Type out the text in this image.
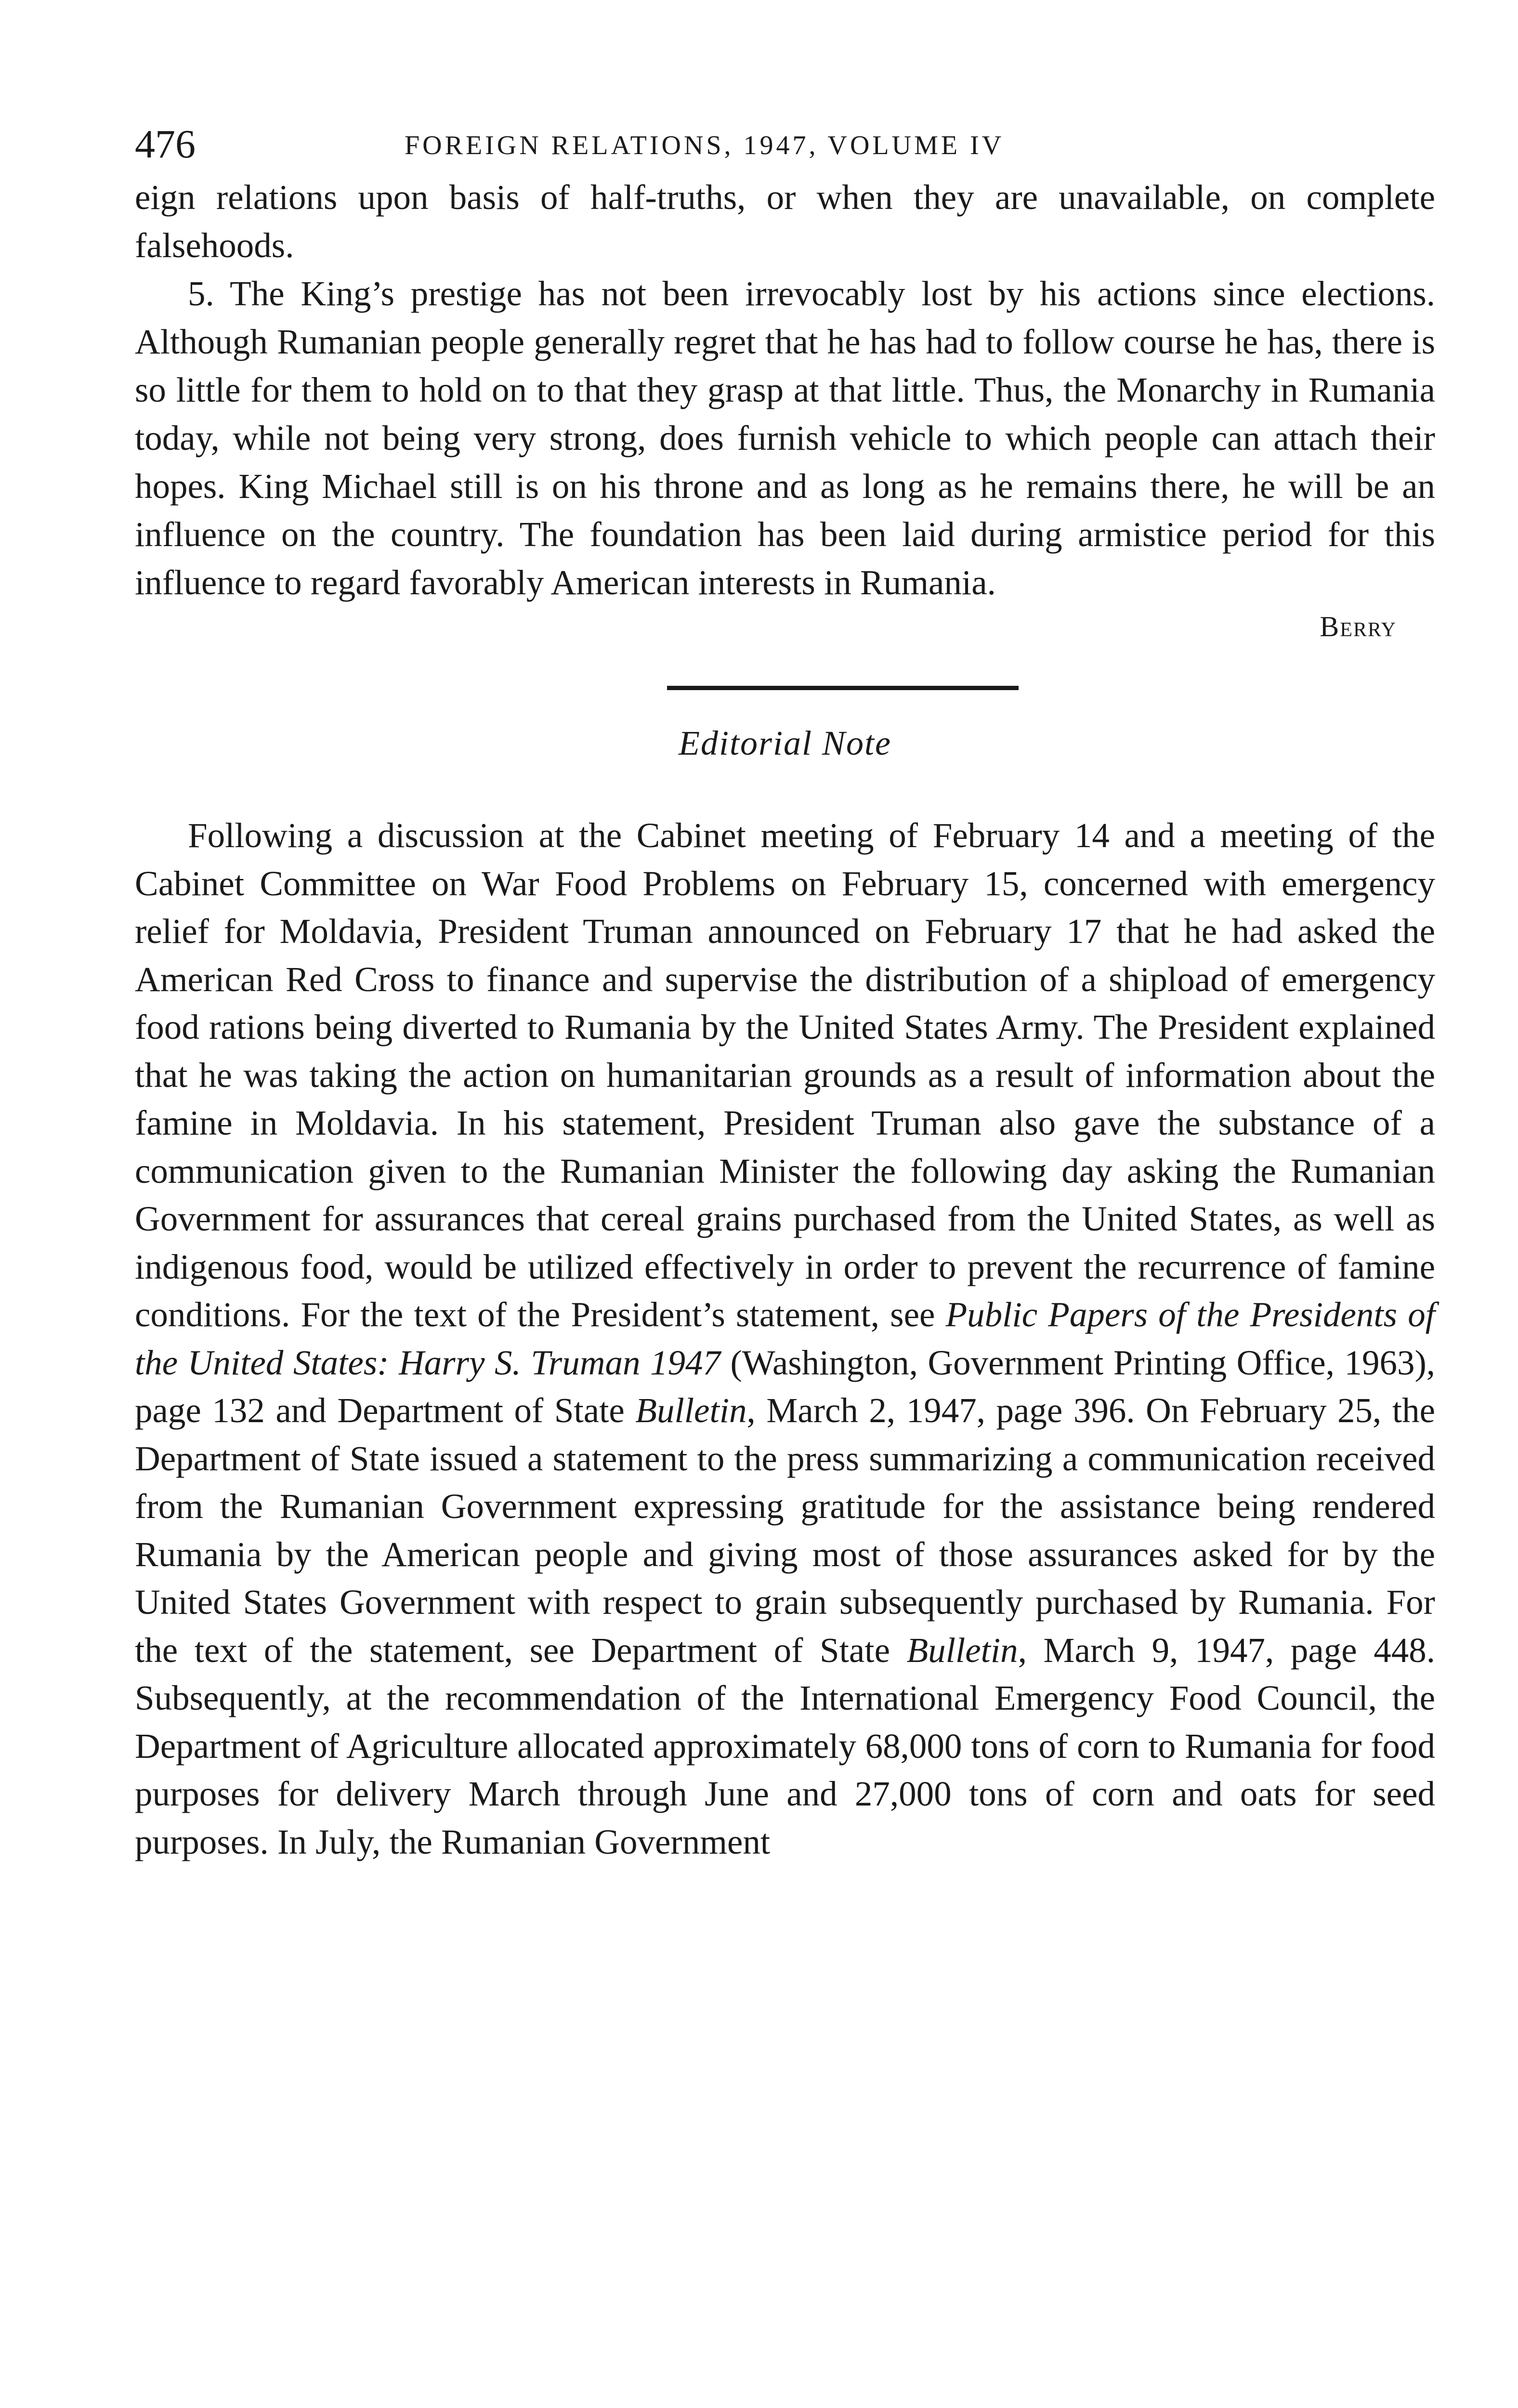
476	FOREIGN RELATIONS, 1947, VOLUME IV

eign relations upon basis of half-truths, or when they are unavailable, on complete falsehoods.

5. The King’s prestige has not been irrevocably lost by his actions since elections. Although Rumanian people generally regret that he has had to follow course he has, there is so little for them to hold on to that they grasp at that little. Thus, the Monarchy in Rumania today, while not being very strong, does furnish vehicle to which people can attach their hopes. King Michael still is on his throne and as long as he remains there, he will be an influence on the country. The foundation has been laid during armistice period for this influence to regard favorably American interests in Rumania.

Berry
Editorial Note

Following a discussion at the Cabinet meeting of February 14 and a meeting of the Cabinet Committee on War Food Problems on February 15, concerned with emergency relief for Moldavia, President Truman announced on February 17 that he had asked the American Red Cross to finance and supervise the distribution of a shipload of emergency food rations being diverted to Rumania by the United States Army. The President explained that he was taking the action on humanitarian grounds as a result of information about the famine in Moldavia. In his statement, President Truman also gave the substance of a communication given to the Rumanian Minister the following day asking the Rumanian Government for assurances that cereal grains purchased from the United States, as well as indigenous food, would be utilized effectively in order to prevent the recurrence of famine conditions. For the text of the President’s statement, see Public Papers of the Presidents of the United States: Harry S. Truman 1947 (Washington, Government Printing Office, 1963), page 132 and Department of State Bulletin, March 2, 1947, page 396. On February 25, the Department of State issued a statement to the press summarizing a communication received from the Rumanian Government expressing gratitude for the assistance being rendered Rumania by the American people and giving most of those assurances asked for by the United States Government with respect to grain subsequently purchased by Rumania. For the text of the statement, see Department of State Bulletin, March 9, 1947, page 448. Subsequently, at the recommendation of the International Emergency Food Council, the Department of Agriculture allocated approximately 68,000 tons of corn to Rumania for food purposes for delivery March through June and 27,000 tons of corn and oats for seed purposes. In July, the Rumanian Government
